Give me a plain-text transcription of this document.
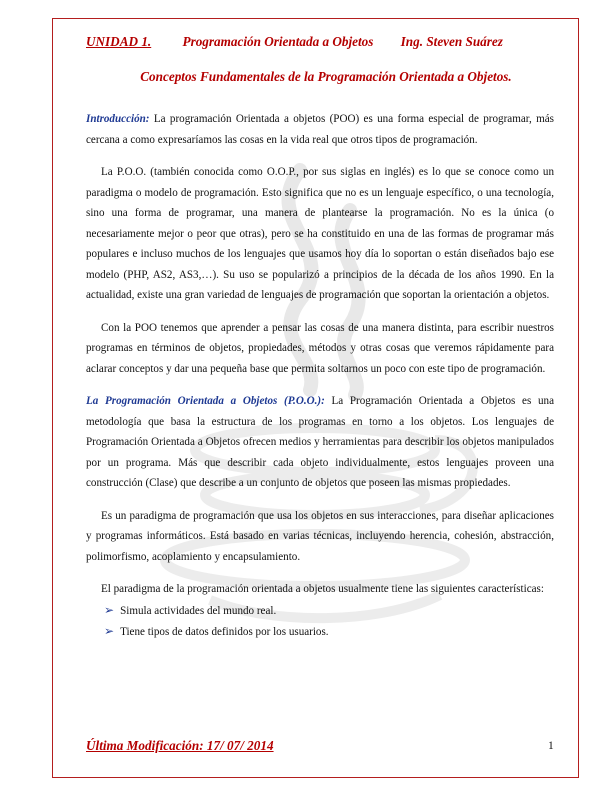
UNIDAD 1. Programación Orientada a Objetos Ing. Steven Suárez
Conceptos Fundamentales de la Programación Orientada a Objetos.

Introducción: La programación Orientada a objetos (POO) es una forma especial de programar, más cercana a como expresaríamos las cosas en la vida real que otros tipos de programación.

La P.O.O. (también conocida como O.O.P., por sus siglas en inglés) es lo que se conoce como un paradigma o modelo de programación. Esto significa que no es un lenguaje específico, o una tecnología, sino una forma de programar, una manera de plantearse la programación. No es la única (o necesariamente mejor o peor que otras), pero se ha constituido en una de las formas de programar más populares e incluso muchos de los lenguajes que usamos hoy día lo soportan o están diseñados bajo ese modelo (PHP, AS2, AS3,…). Su uso se popularizó a principios de la década de los años 1990. En la actualidad, existe una gran variedad de lenguajes de programación que soportan la orientación a objetos.

Con la POO tenemos que aprender a pensar las cosas de una manera distinta, para escribir nuestros programas en términos de objetos, propiedades, métodos y otras cosas que veremos rápidamente para aclarar conceptos y dar una pequeña base que permita soltarnos un poco con este tipo de programación.

La Programación Orientada a Objetos (P.O.O.): La Programación Orientada a Objetos es una metodología que basa la estructura de los programas en torno a los objetos. Los lenguajes de Programación Orientada a Objetos ofrecen medios y herramientas para describir los objetos manipulados por un programa. Más que describir cada objeto individualmente, estos lenguajes proveen una construcción (Clase) que describe a un conjunto de objetos que poseen las mismas propiedades.

Es un paradigma de programación que usa los objetos en sus interacciones, para diseñar aplicaciones y programas informáticos. Está basado en varias técnicas, incluyendo herencia, cohesión, abstracción, polimorfismo, acoplamiento y encapsulamiento.

El paradigma de la programación orientada a objetos usualmente tiene las siguientes características:

➢ Simula actividades del mundo real.
➢ Tiene tipos de datos definidos por los usuarios.
Última Modificación: 17/ 07/ 2014	1
